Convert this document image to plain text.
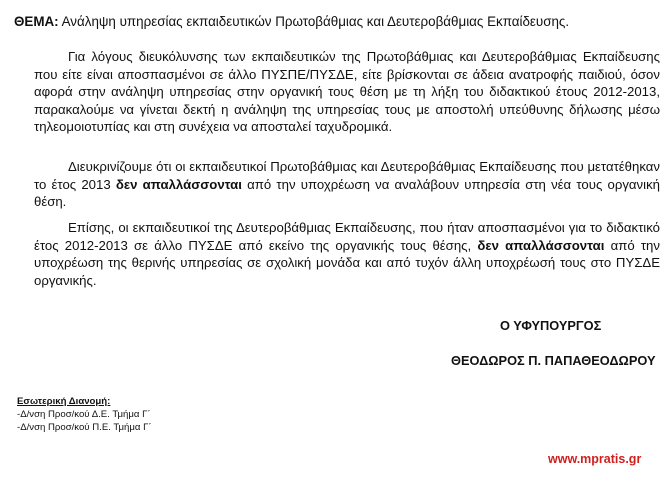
ΘΕΜΑ: Ανάληψη υπηρεσίας εκπαιδευτικών Πρωτοβάθμιας και Δευτεροβάθμιας Εκπαίδευσης.

Για λόγους διευκόλυνσης των εκπαιδευτικών της Πρωτοβάθμιας και Δευτεροβάθμιας Εκπαίδευσης που είτε είναι αποσπασμένοι σε άλλο ΠΥΣΠΕ/ΠΥΣΔΕ, είτε βρίσκονται σε άδεια ανατροφής παιδιού, όσον αφορά στην ανάληψη υπηρεσίας στην οργανική τους θέση με τη λήξη του διδακτικού έτους 2012-2013, παρακαλούμε να γίνεται δεκτή η ανάληψη της υπηρεσίας τους με αποστολή υπεύθυνης δήλωσης μέσω τηλεομοιοτυπίας και στη συνέχεια να αποσταλεί ταχυδρομικά.

Διευκρινίζουμε ότι οι εκπαιδευτικοί Πρωτοβάθμιας και Δευτεροβάθμιας Εκπαίδευσης που μετατέθηκαν το έτος 2013 δεν απαλλάσσονται από την υποχρέωση να αναλάβουν υπηρεσία στη νέα τους οργανική θέση.

Επίσης, οι εκπαιδευτικοί της Δευτεροβάθμιας Εκπαίδευσης, που ήταν αποσπασμένοι για το διδακτικό έτος 2012-2013 σε άλλο ΠΥΣΔΕ από εκείνο της οργανικής τους θέσης, δεν απαλλάσσονται από την υποχρέωση της θερινής υπηρεσίας σε σχολική μονάδα και από τυχόν άλλη υποχρέωσή τους στο ΠΥΣΔΕ οργανικής.

Ο ΥΦΥΠΟΥΡΓΟΣ
ΘΕΟΔΩΡΟΣ Π. ΠΑΠΑΘΕΟΔΩΡΟΥ
Εσωτερική Διανομή:
-Δ/νση Προσ/κού Δ.Ε. Τμήμα Γ΄
-Δ/νση Προσ/κού Π.Ε. Τμήμα Γ΄
www.mpratis.gr
